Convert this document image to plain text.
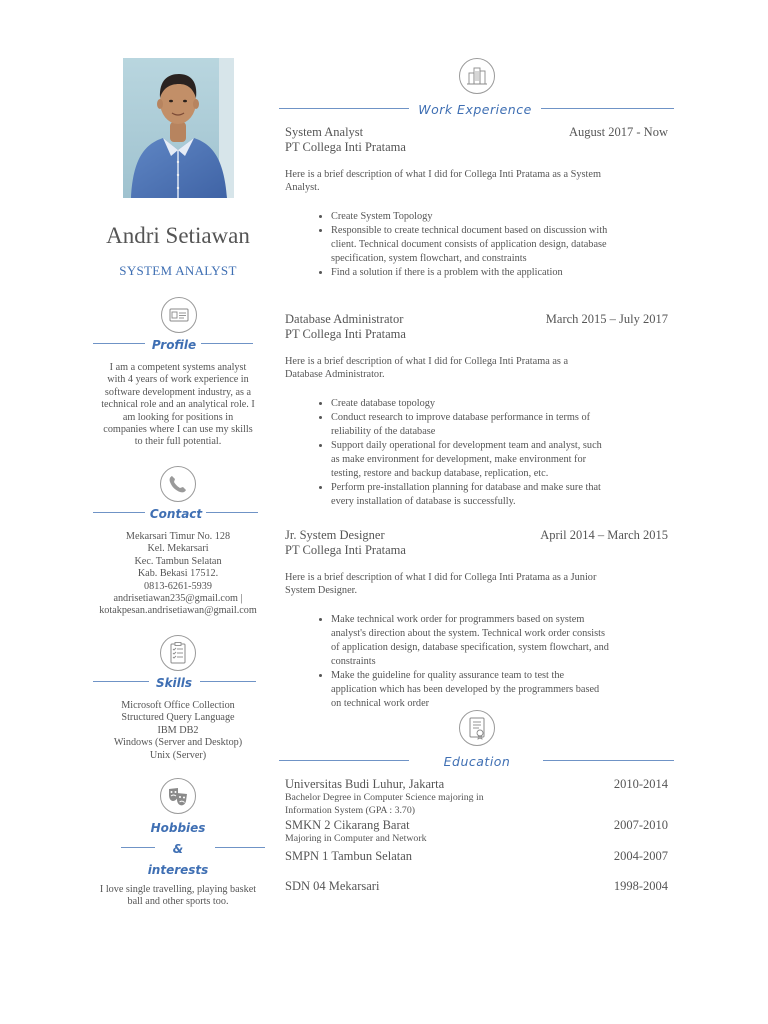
Andri Setiawan
SYSTEM ANALYST
Profile
I am a competent systems analyst
with 4 years of work experience in
software development industry, as a
technical role and an analytical role. I
am looking for positions in
companies where I can use my skills
to their full potential.
Contact
Mekarsari Timur No. 128
Kel. Mekarsari
Kec. Tambun Selatan
Kab. Bekasi 17512.
0813-6261-5939
andrisetiawan235@gmail.com |
kotakpesan.andrisetiawan@gmail.com
Skills
Microsoft Office Collection
Structured Query Language
IBM DB2
Windows (Server and Desktop)
Unix (Server)
Hobbies
&
interests
I love single travelling, playing basket
ball and other sports too.
Work Experience
System Analyst	August 2017 - Now
PT Collega Inti Pratama
Here is a brief description of what I did for Collega Inti Pratama as a System
Analyst.
• Create System Topology
• Responsible to create technical document based on discussion with
client. Technical document consists of application design, database
specification, system flowchart, and constraints
• Find a solution if there is a problem with the application
Database Administrator	March 2015 – July 2017
PT Collega Inti Pratama
Here is a brief description of what I did for Collega Inti Pratama as a
Database Administrator.
• Create database topology
• Conduct research to improve database performance in terms of
reliability of the database
• Support daily operational for development team and analyst, such
as make environment for development, make environment for
testing, restore and backup database, replication, etc.
• Perform pre-installation planning for database and make sure that
every installation of database is successfully.
Jr. System Designer	April 2014 – March 2015
PT Collega Inti Pratama
Here is a brief description of what I did for Collega Inti Pratama as a Junior
System Designer.
• Make technical work order for programmers based on system
analyst's direction about the system. Technical work order consists
of application design, database specification, system flowchart, and
constraints
• Make the guideline for quality assurance team to test the
application which has been developed by the programmers based
on technical work order
Education
Universitas Budi Luhur, Jakarta	2010-2014
Bachelor Degree in Computer Science majoring in
Information System (GPA : 3.70)
SMKN 2 Cikarang Barat	2007-2010
Majoring in Computer and Network
SMPN 1 Tambun Selatan	2004-2007
SDN 04 Mekarsari	1998-2004
